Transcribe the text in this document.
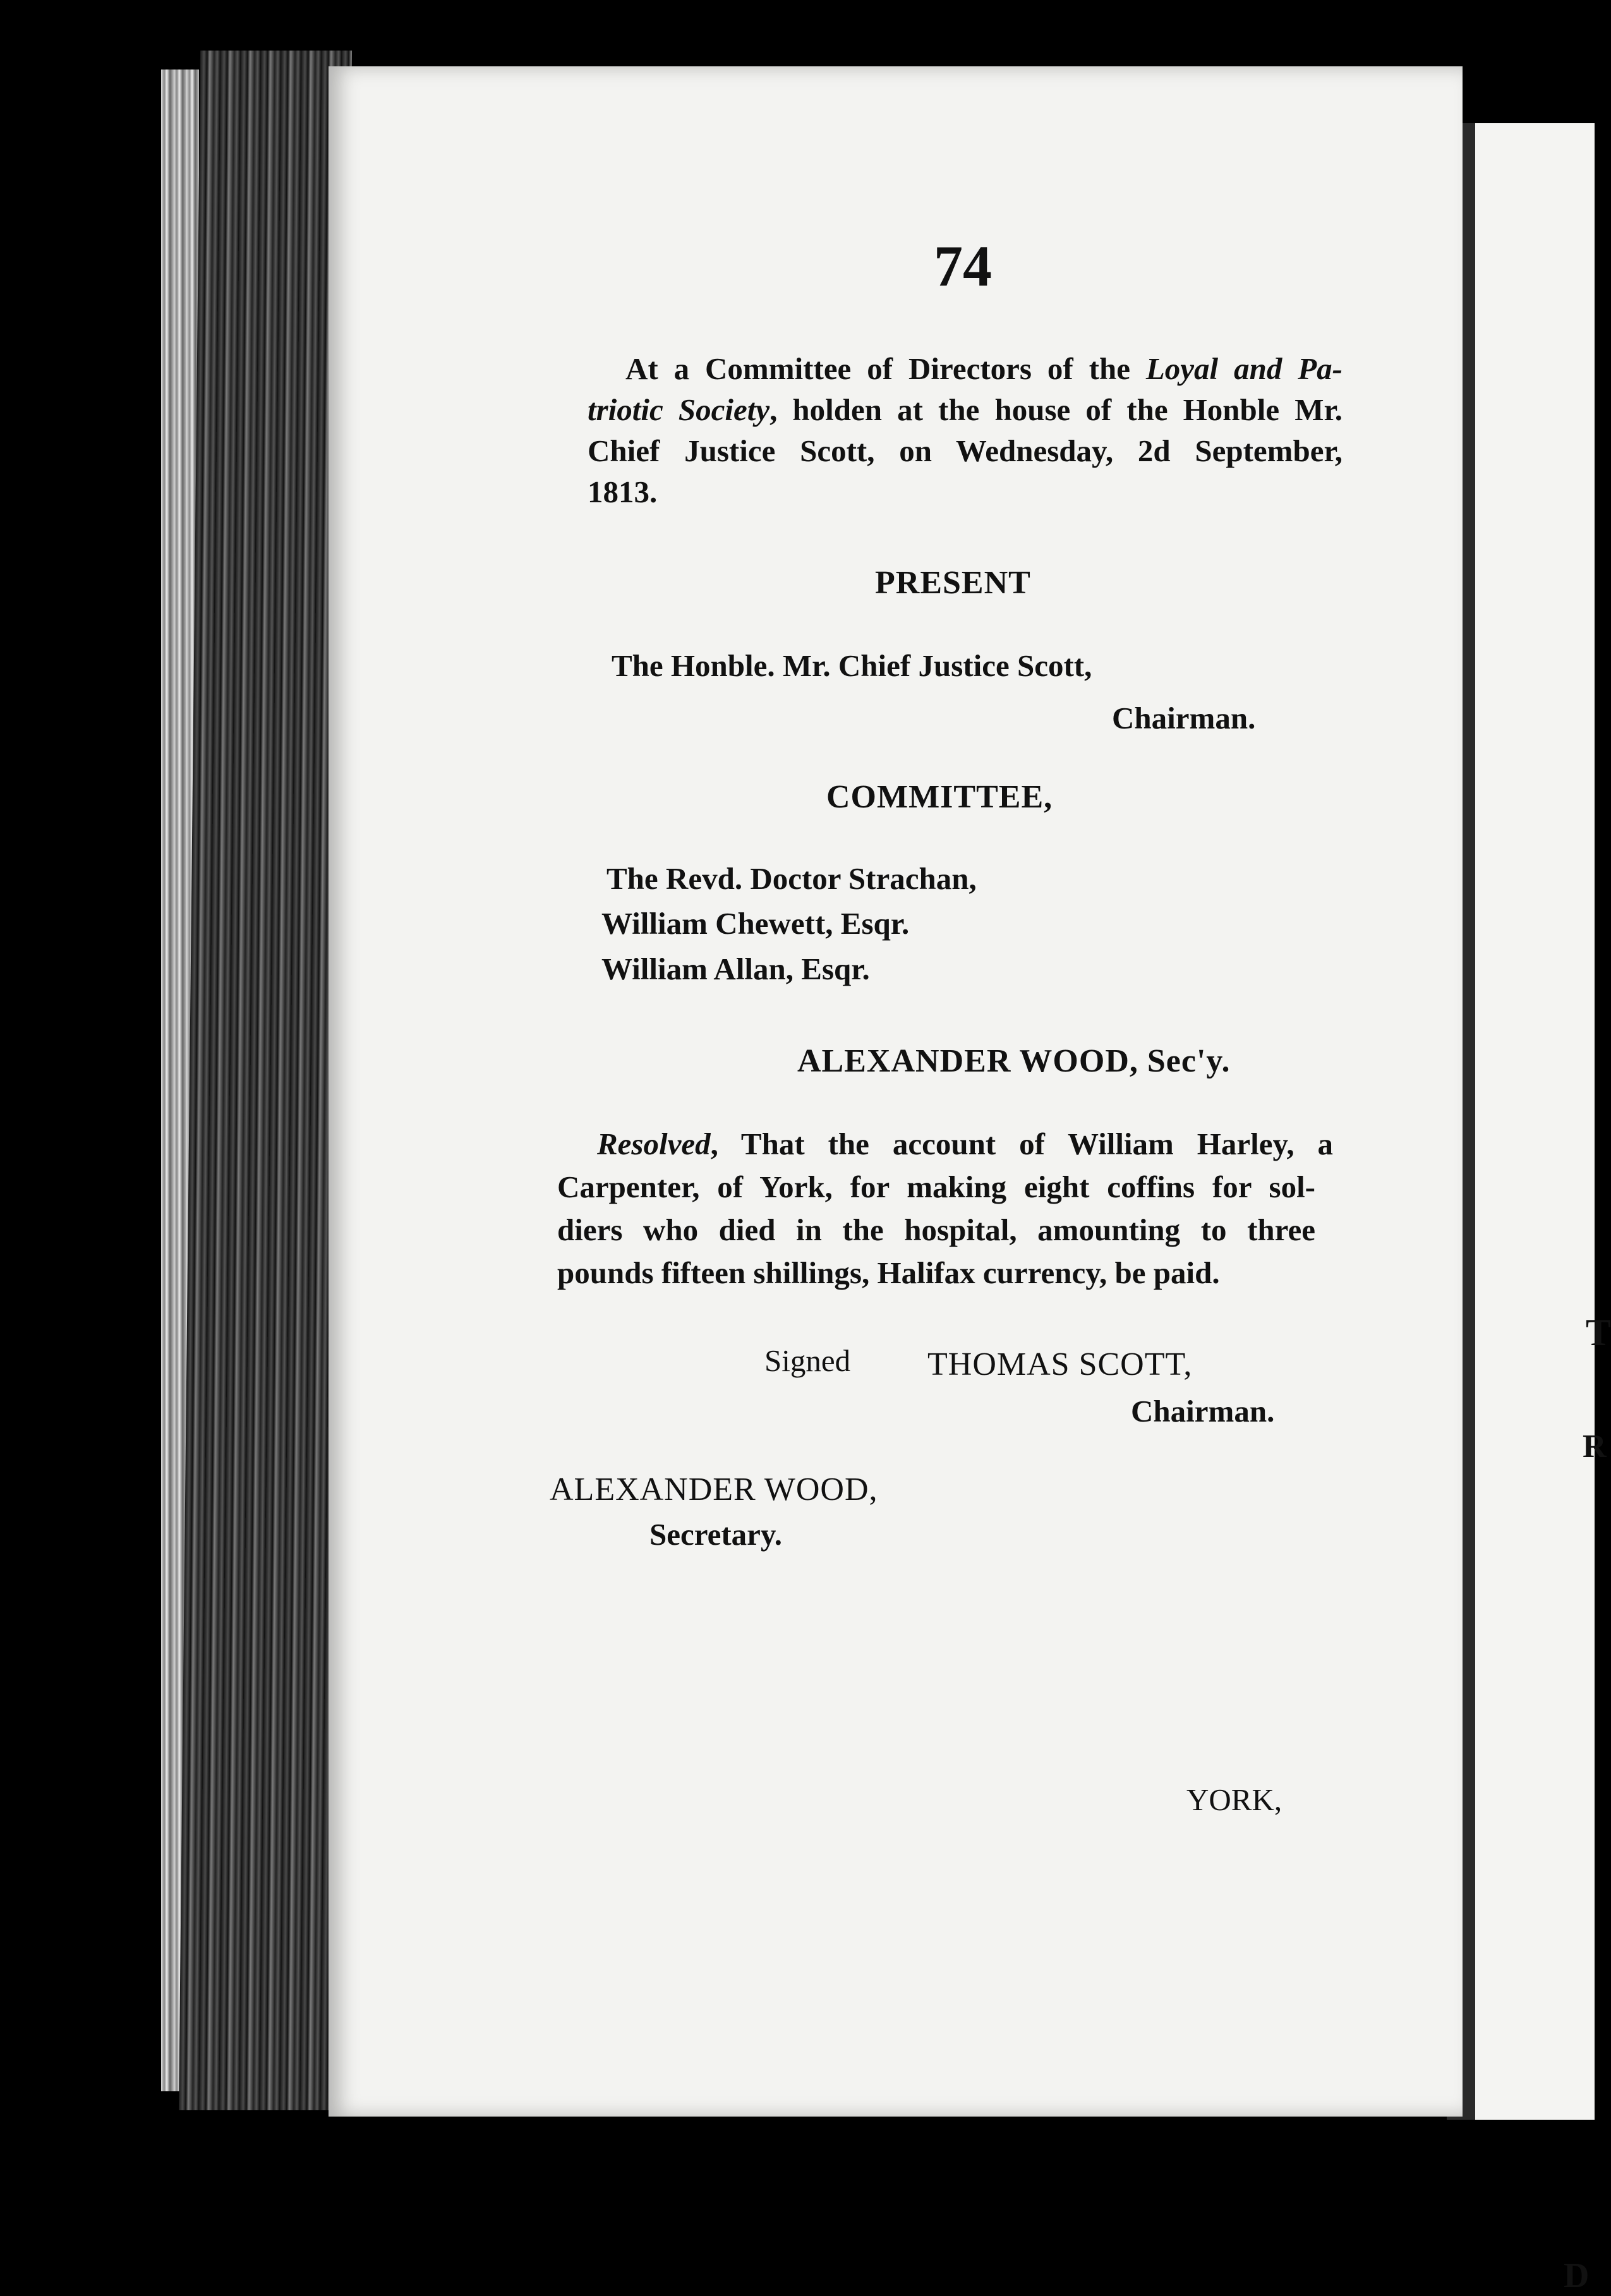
T
R
D
74
At a Committee of Directors of the Loyal and Pa-
triotic Society, holden at the house of the Honble Mr.
Chief Justice Scott, on Wednesday, 2d September,
1813.
PRESENT
The Honble. Mr. Chief Justice Scott,
Chairman.
COMMITTEE,
The Revd. Doctor Strachan,
William Chewett, Esqr.
William Allan, Esqr.
ALEXANDER WOOD, Sec'y.
Resolved, That the account of William Harley, a
Carpenter, of York, for making eight coffins for sol-
diers who died in the hospital, amounting to three
pounds fifteen shillings, Halifax currency, be paid.
Signed THOMAS SCOTT,
Chairman.
ALEXANDER WOOD,
Secretary.
YORK,
